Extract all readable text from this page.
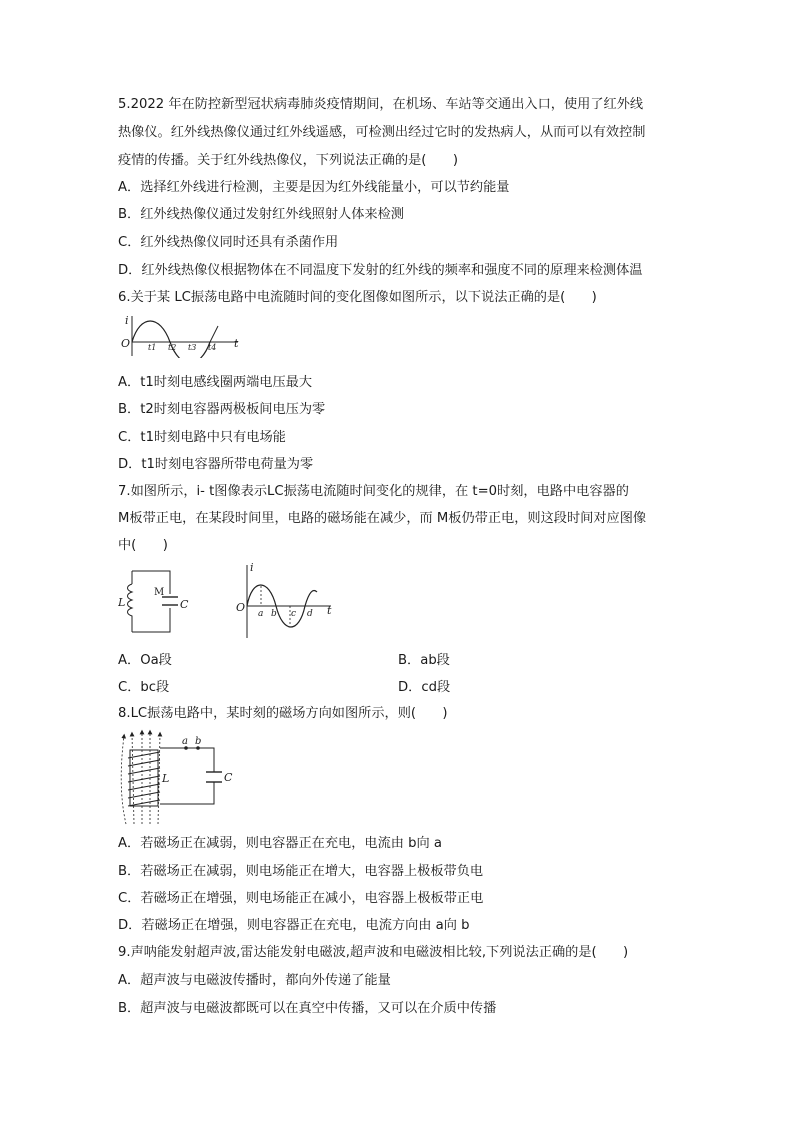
5.2022 年在防控新型冠状病毒肺炎疫情期间，在机场、车站等交通出入口，使用了红外线
热像仪。红外线热像仪通过红外线遥感，可检测出经过它时的发热病人，从而可以有效控制
疫情的传播。关于红外线热像仪，下列说法正确的是(　　)
A．选择红外线进行检测，主要是因为红外线能量小，可以节约能量
B．红外线热像仪通过发射红外线照射人体来检测
C．红外线热像仪同时还具有杀菌作用
D．红外线热像仪根据物体在不同温度下发射的红外线的频率和强度不同的原理来检测体温
6.关于某 LC振荡电路中电流随时间的变化图像如图所示，以下说法正确的是(　　)
i
O	t
t1 t2 t3 t4
A．t1时刻电感线圈两端电压最大
B．t2时刻电容器两极板间电压为零
C．t1时刻电路中只有电场能
D．t1时刻电容器所带电荷量为零
7.如图所示，i- t图像表示LC振荡电流随时间变化的规律，在 t=0时刻，电路中电容器的
M板带正电，在某段时间里，电路的磁场能在减少，而 M板仍带正电，则这段时间对应图像
中(　　)
L
M
C
i
O	t
a b c d
A．Oa段	B．ab段
C．bc段	D．cd段
8.LC振荡电路中，某时刻的磁场方向如图所示，则(　　)
a b
L	C
A．若磁场正在减弱，则电容器正在充电，电流由 b向 a
B．若磁场正在减弱，则电场能正在增大，电容器上极板带负电
C．若磁场正在增强，则电场能正在减小，电容器上极板带正电
D．若磁场正在增强，则电容器正在充电，电流方向由 a向 b
9.声呐能发射超声波,雷达能发射电磁波,超声波和电磁波相比较,下列说法正确的是(　　)
A．超声波与电磁波传播时，都向外传递了能量
B．超声波与电磁波都既可以在真空中传播，又可以在介质中传播
